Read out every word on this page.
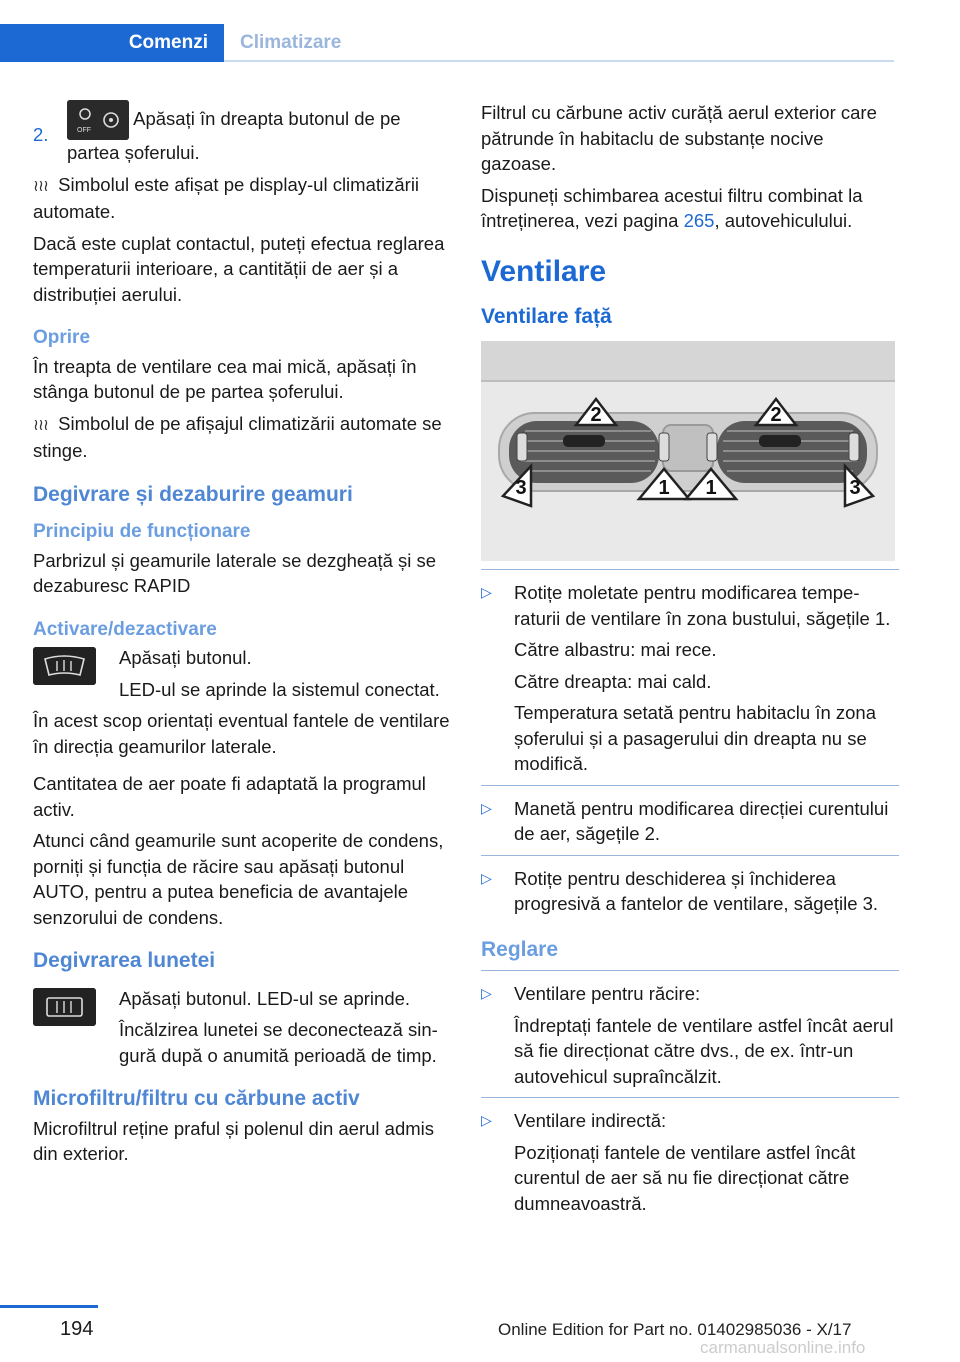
Comenzi	Climatizare
2.	OFF
Apăsați în dreapta butonul de pe partea șoferului.

≀≀≀ Simbolul este afișat pe display-ul climatizării automate.

Dacă este cuplat contactul, puteți efectua reglarea temperaturii interioare, a cantității de aer și a distribuției aerului.

Oprire

În treapta de ventilare cea mai mică, apăsați în stânga butonul de pe partea șoferului.

≀≀≀ Simbolul de pe afișajul climatizării automate se stinge.

Degivrare și dezaburire geamuri
Principiu de funcționare

Parbrizul și geamurile laterale se dezgheață și se dezaburesc RAPID

Activare/dezactivare

Apăsați butonul.

LED-ul se aprinde la sistemul conectat.

În acest scop orientați eventual fantele de ventilare în direcția geamurilor laterale.

Cantitatea de aer poate fi adaptată la programul activ.

Atunci când geamurile sunt acoperite de condens, porniți și funcția de răcire sau apăsați butonul AUTO, pentru a putea beneficia de avantajele senzorului de condens.

Degivrarea lunetei

Apăsați butonul. LED-ul se aprinde.

Încălzirea lunetei se deconectează singură după o anumită perioadă de timp.

Microfiltru/filtru cu cărbune activ

Microfiltrul reține praful și polenul din aerul admis din exterior.

Filtrul cu cărbune activ curăță aerul exterior care pătrunde în habitaclu de substanțe nocive gazoase.

Dispuneți schimbarea acestui filtru combinat la întreținerea, vezi pagina 265, autovehiculului.

Ventilare
Ventilare față
2	2
3	1 1	3
▷ Rotițe moletate pentru modificarea temperaturii de ventilare în zona bustului, săgețile 1.

Către albastru: mai rece.

Către dreapta: mai cald.

Temperatura setată pentru habitaclu în zona șoferului și a pasagerului din dreapta nu se modifică.

▷ Manetă pentru modificarea direcției curentului de aer, săgețile 2.

▷ Rotițe pentru deschiderea și închiderea progresivă a fantelor de ventilare, săgețile 3.

Reglare
▷ Ventilare pentru răcire:

Îndreptați fantele de ventilare astfel încât aerul să fie direcționat către dvs., de ex. într-un autovehicul supraîncălzit.

▷ Ventilare indirectă:

Poziționați fantele de ventilare astfel încât curentul de aer să nu fie direcționat către dumneavoastră.

194	Online Edition for Part no. 01402985036 - X/17
carmanualsonline.info
